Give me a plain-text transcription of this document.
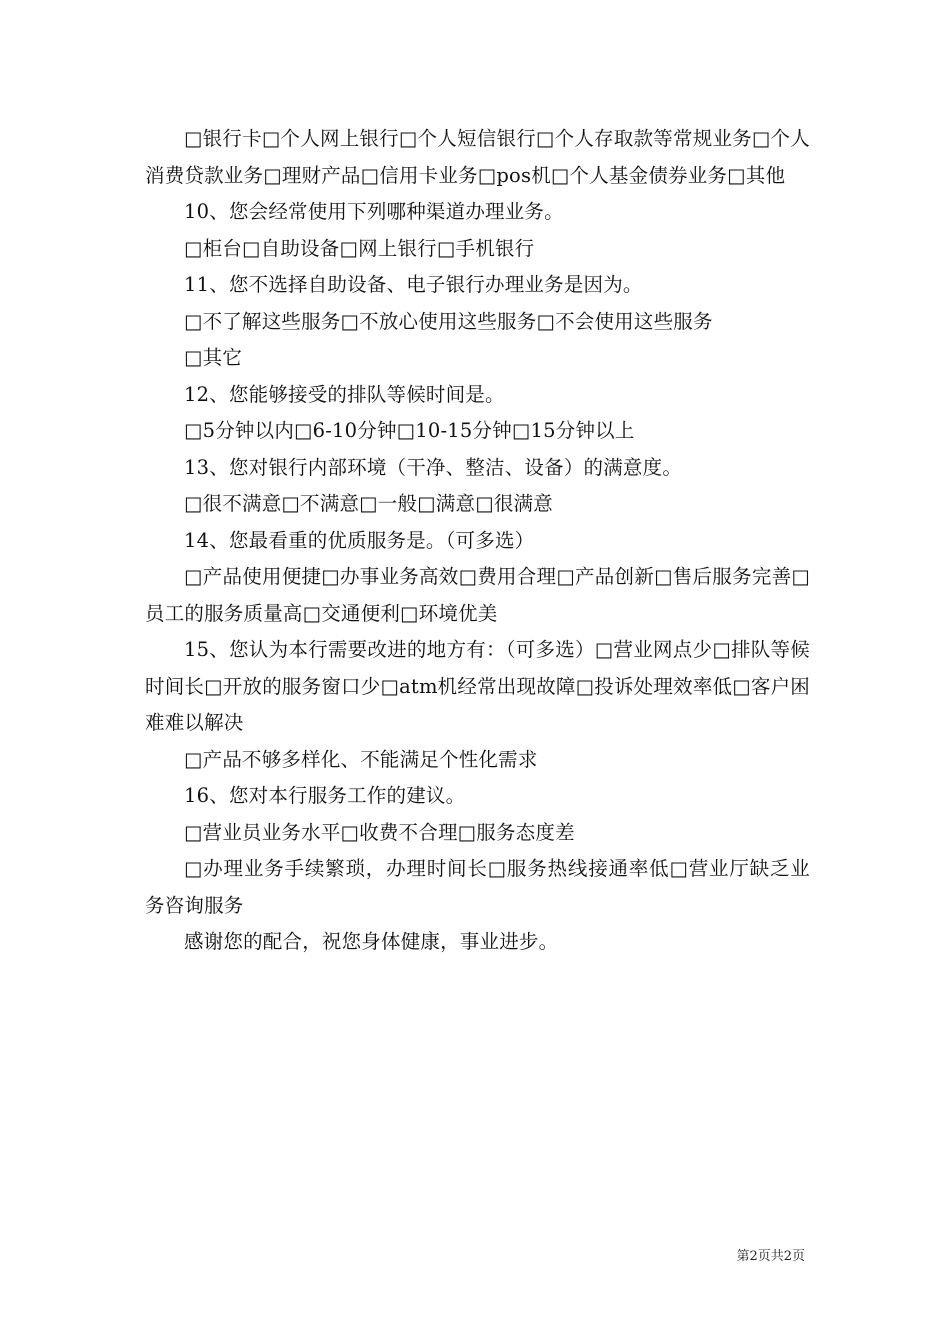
□银行卡□个人网上银行□个人短信银行□个人存取款等常规业务□个人消费贷款业务□理财产品□信用卡业务□pos机□个人基金债券业务□其他

10、您会经常使用下列哪种渠道办理业务。

□柜台□自助设备□网上银行□手机银行

11、您不选择自助设备、电子银行办理业务是因为。

□不了解这些服务□不放心使用这些服务□不会使用这些服务

□其它

12、您能够接受的排队等候时间是。

□5分钟以内□6-10分钟□10-15分钟□15分钟以上

13、您对银行内部环境（干净、整洁、设备）的满意度。

□很不满意□不满意□一般□满意□很满意

14、您最看重的优质服务是。（可多选）

□产品使用便捷□办事业务高效□费用合理□产品创新□售后服务完善□员工的服务质量高□交通便利□环境优美

15、您认为本行需要改进的地方有：（可多选）□营业网点少□排队等候时间长□开放的服务窗口少□atm机经常出现故障□投诉处理效率低□客户困难难以解决

□产品不够多样化、不能满足个性化需求

16、您对本行服务工作的建议。

□营业员业务水平□收费不合理□服务态度差

□办理业务手续繁琐，办理时间长□服务热线接通率低□营业厅缺乏业务咨询服务

感谢您的配合，祝您身体健康，事业进步。

第2页共2页
